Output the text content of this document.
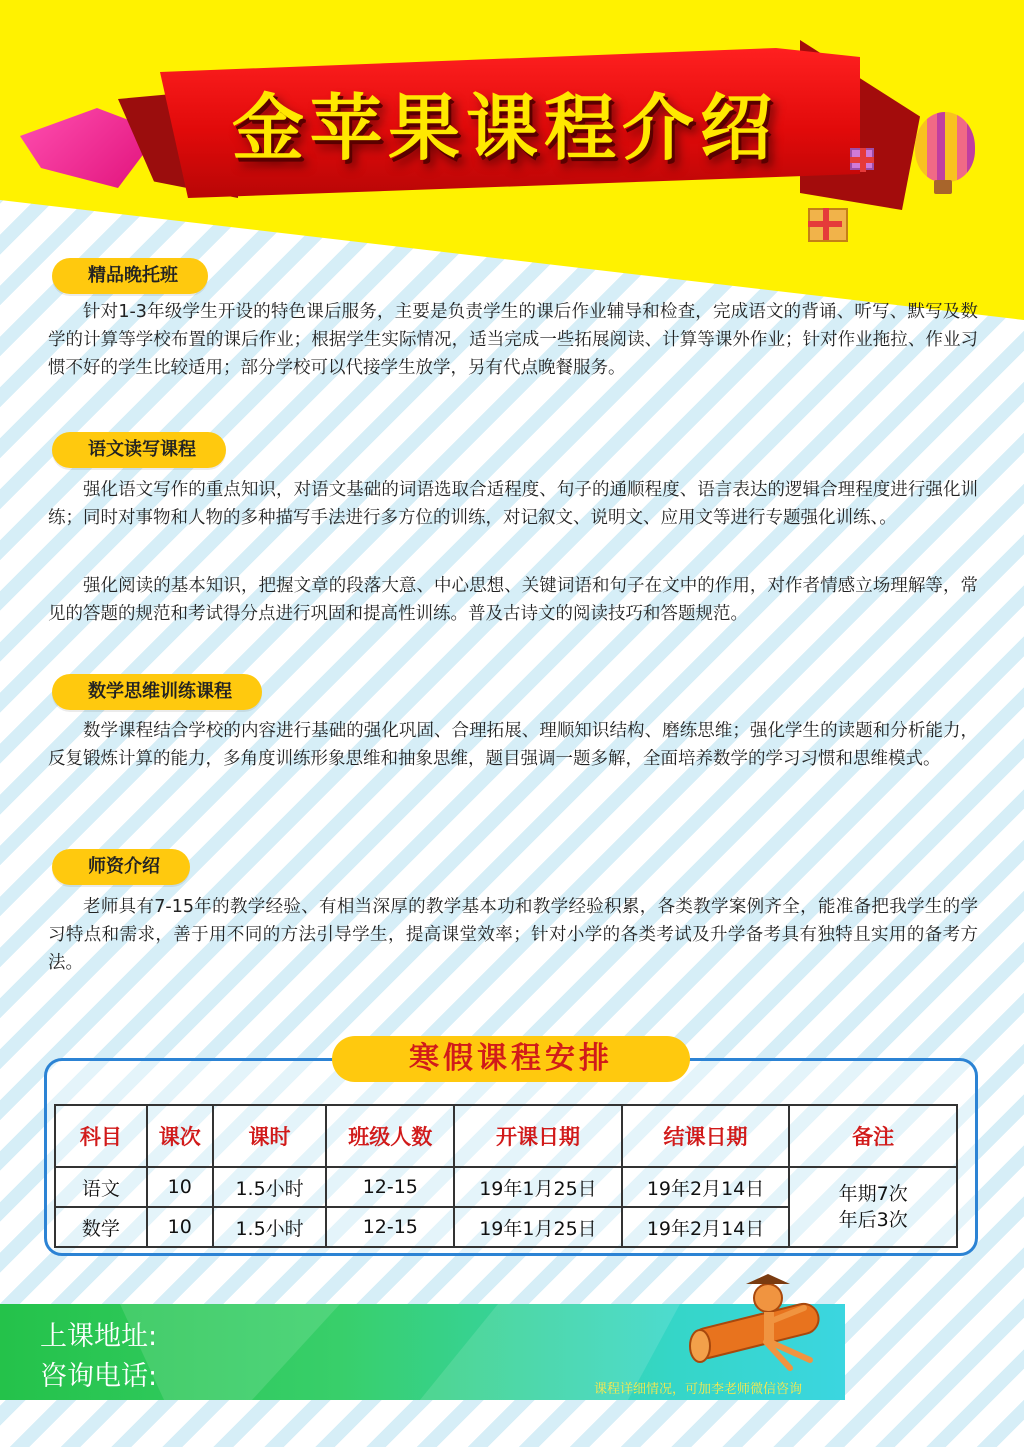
金苹果课程介绍
精品晚托班

针对1-3年级学生开设的特色课后服务，主要是负责学生的课后作业辅导和检查，完成语文的背诵、听写、默写及数学的计算等学校布置的课后作业；根据学生实际情况，适当完成一些拓展阅读、计算等课外作业；针对作业拖拉、作业习惯不好的学生比较适用；部分学校可以代接学生放学，另有代点晚餐服务。

语文读写课程

强化语文写作的重点知识，对语文基础的词语选取合适程度、句子的通顺程度、语言表达的逻辑合理程度进行强化训练；同时对事物和人物的多种描写手法进行多方位的训练，对记叙文、说明文、应用文等进行专题强化训练、。

强化阅读的基本知识，把握文章的段落大意、中心思想、关键词语和句子在文中的作用，对作者情感立场理解等，常见的答题的规范和考试得分点进行巩固和提高性训练。普及古诗文的阅读技巧和答题规范。

数学思维训练课程

数学课程结合学校的内容进行基础的强化巩固、合理拓展、理顺知识结构、磨练思维；强化学生的读题和分析能力，反复锻炼计算的能力，多角度训练形象思维和抽象思维，题目强调一题多解，全面培养数学的学习习惯和思维模式。

师资介绍

老师具有7-15年的教学经验、有相当深厚的教学基本功和教学经验积累，各类教学案例齐全，能准备把我学生的学习特点和需求，善于用不同的方法引导学生，提高课堂效率；针对小学的各类考试及升学备考具有独特且实用的备考方法。

寒假课程安排
科目	课次	课时	班级人数	开课日期	结课日期	备注
语文	10	1.5小时	12-15	19年1月25日	19年2月14日	年期7次
年后3次

数学	10	1.5小时	12-15	19年1月25日	19年2月14日	
上课地址:
咨询电话:	课程详细情况，可加李老师微信咨询
